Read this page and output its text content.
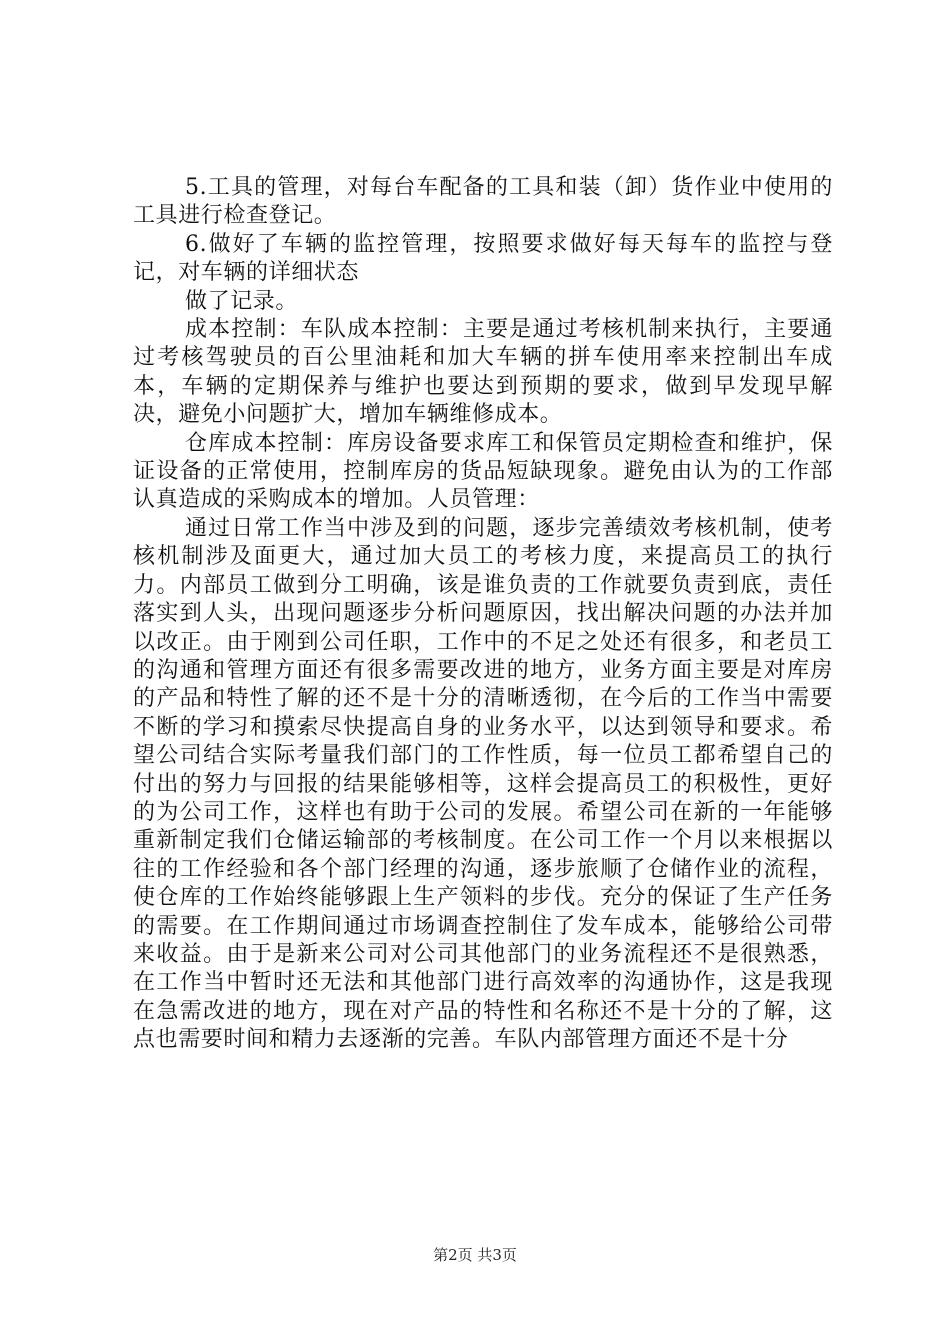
5.工具的管理，对每台车配备的工具和装（卸）货作业中使用的工具进行检查登记。

6.做好了车辆的监控管理，按照要求做好每天每车的监控与登记，对车辆的详细状态

做了记录。

成本控制：车队成本控制：主要是通过考核机制来执行，主要通过考核驾驶员的百公里油耗和加大车辆的拼车使用率来控制出车成本，车辆的定期保养与维护也要达到预期的要求，做到早发现早解决，避免小问题扩大，增加车辆维修成本。

仓库成本控制：库房设备要求库工和保管员定期检查和维护，保证设备的正常使用，控制库房的货品短缺现象。避免由认为的工作部认真造成的采购成本的增加。人员管理：

通过日常工作当中涉及到的问题，逐步完善绩效考核机制，使考核机制涉及面更大，通过加大员工的考核力度，来提高员工的执行力。内部员工做到分工明确，该是谁负责的工作就要负责到底，责任落实到人头，出现问题逐步分析问题原因，找出解决问题的办法并加以改正。由于刚到公司任职，工作中的不足之处还有很多，和老员工的沟通和管理方面还有很多需要改进的地方，业务方面主要是对库房的产品和特性了解的还不是十分的清晰透彻，在今后的工作当中需要不断的学习和摸索尽快提高自身的业务水平，以达到领导和要求。希望公司结合实际考量我们部门的工作性质，每一位员工都希望自己的付出的努力与回报的结果能够相等，这样会提高员工的积极性，更好的为公司工作，这样也有助于公司的发展。希望公司在新的一年能够重新制定我们仓储运输部的考核制度。在公司工作一个月以来根据以往的工作经验和各个部门经理的沟通，逐步旅顺了仓储作业的流程，使仓库的工作始终能够跟上生产领料的步伐。充分的保证了生产任务的需要。在工作期间通过市场调查控制住了发车成本，能够给公司带来收益。由于是新来公司对公司其他部门的业务流程还不是很熟悉，在工作当中暂时还无法和其他部门进行高效率的沟通协作，这是我现在急需改进的地方，现在对产品的特性和名称还不是十分的了解，这点也需要时间和精力去逐渐的完善。车队内部管理方面还不是十分

第2页 共3页
